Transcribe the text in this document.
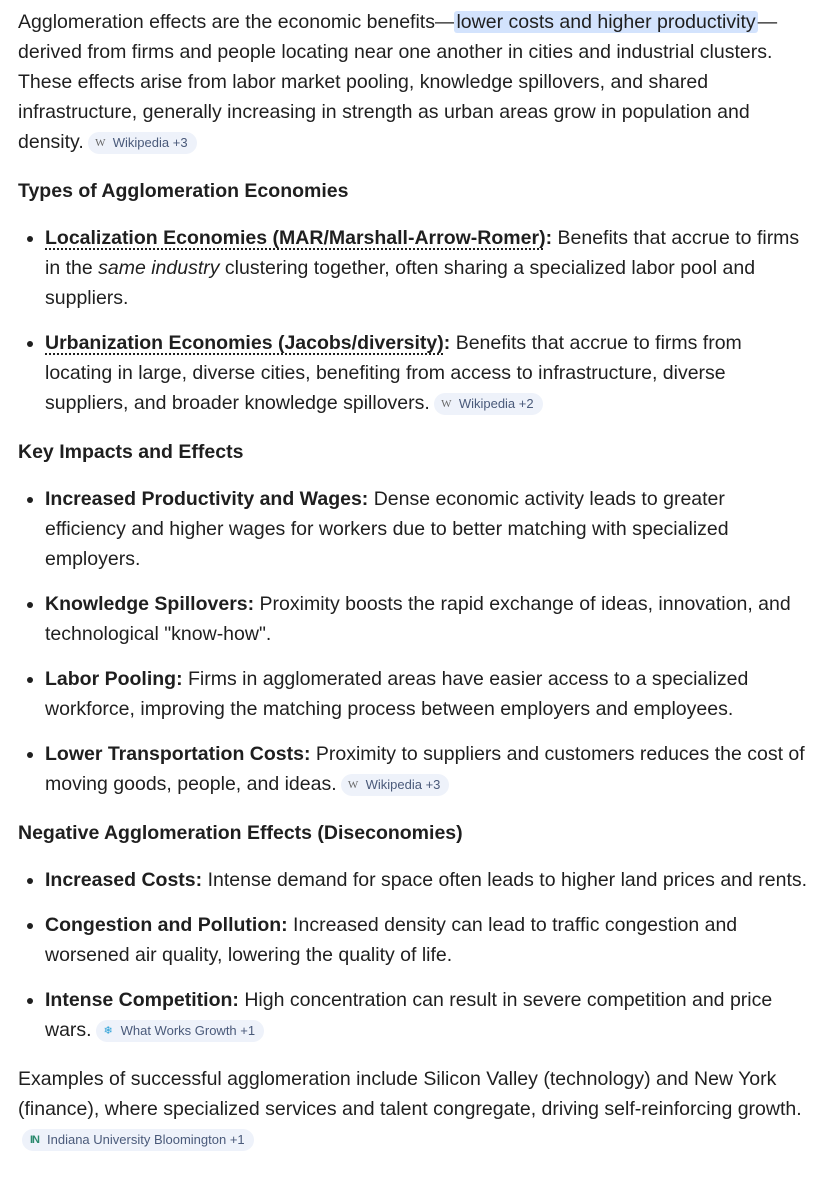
Agglomeration effects are the economic benefits— lower costs and higher productivity —derived from firms and people locating near one another in cities and industrial clusters. These effects arise from labor market pooling, knowledge spillovers, and shared infrastructure, generally increasing in strength as urban areas grow in population and density. W Wikipedia +3

Types of Agglomeration Economies
• Localization Economies (MAR/Marshall-Arrow-Romer): Benefits that accrue to firms in the same industry clustering together, often sharing a specialized labor pool and suppliers.
• Urbanization Economies (Jacobs/diversity): Benefits that accrue to firms from locating in large, diverse cities, benefiting from access to infrastructure, diverse suppliers, and broader knowledge spillovers. W Wikipedia +2
Key Impacts and Effects
• Increased Productivity and Wages: Dense economic activity leads to greater efficiency and higher wages for workers due to better matching with specialized employers.
• Knowledge Spillovers: Proximity boosts the rapid exchange of ideas, innovation, and technological "know-how".
• Labor Pooling: Firms in agglomerated areas have easier access to a specialized workforce, improving the matching process between employers and employees.
• Lower Transportation Costs: Proximity to suppliers and customers reduces the cost of moving goods, people, and ideas. W Wikipedia +3
Negative Agglomeration Effects (Diseconomies)
• Increased Costs: Intense demand for space often leads to higher land prices and rents.
• Congestion and Pollution: Increased density can lead to traffic congestion and worsened air quality, lowering the quality of life.
• Intense Competition: High concentration can result in severe competition and price wars. ❄ What Works Growth +1

Examples of successful agglomeration include Silicon Valley (technology) and New York (finance), where specialized services and talent congregate, driving self-reinforcing growth.
IN Indiana University Bloomington +1
